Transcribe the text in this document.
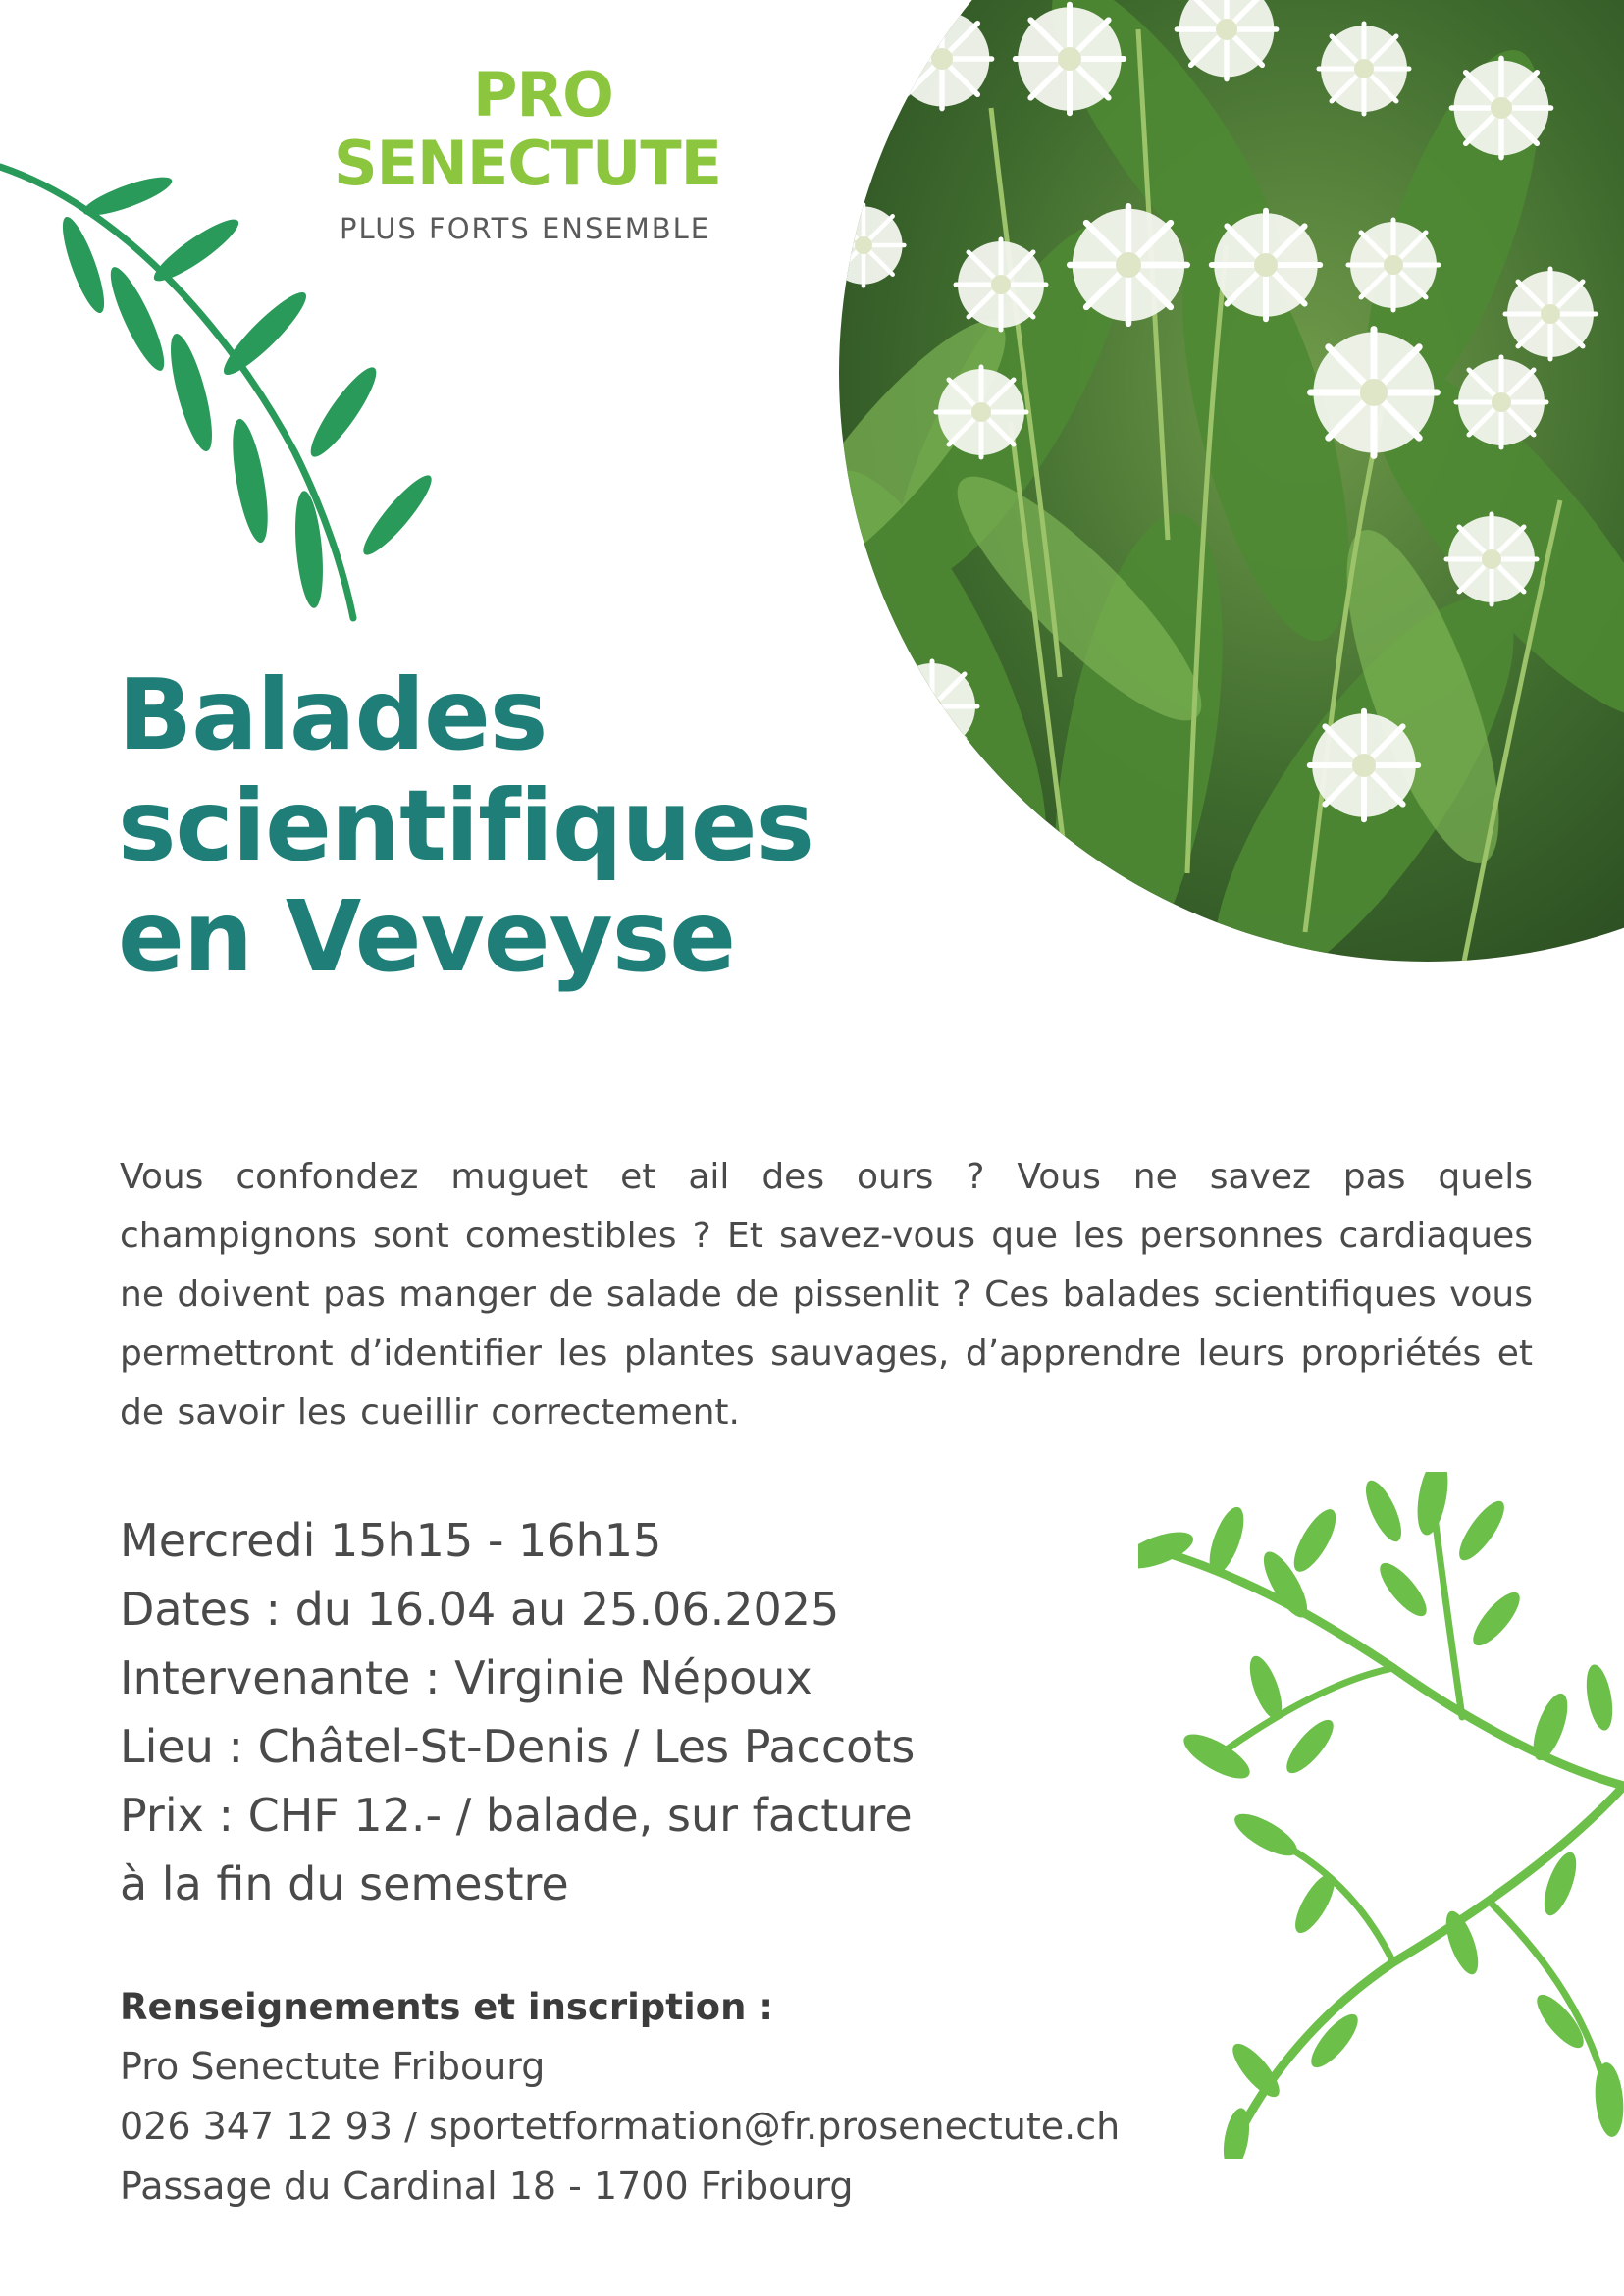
PRO
SENECTUTE
PLUS FORTS ENSEMBLE
Balades
scientifiques
en Veveyse

Vous confondez muguet et ail des ours ? Vous ne savez pas quels champignons sont comestibles ? Et savez-vous que les personnes cardiaques ne doivent pas manger de salade de pissenlit ? Ces balades scientifiques vous permettront d’identifier les plantes sauvages, d’apprendre leurs propriétés et de savoir les cueillir correctement.

Mercredi 15h15 - 16h15
Dates : du 16.04 au 25.06.2025
Intervenante : Virginie Népoux
Lieu : Châtel-St-Denis / Les Paccots
Prix : CHF 12.- / balade, sur facture
à la fin du semestre
Renseignements et inscription :
Pro Senectute Fribourg
026 347 12 93 / sportetformation@fr.prosenectute.ch
Passage du Cardinal 18 - 1700 Fribourg
